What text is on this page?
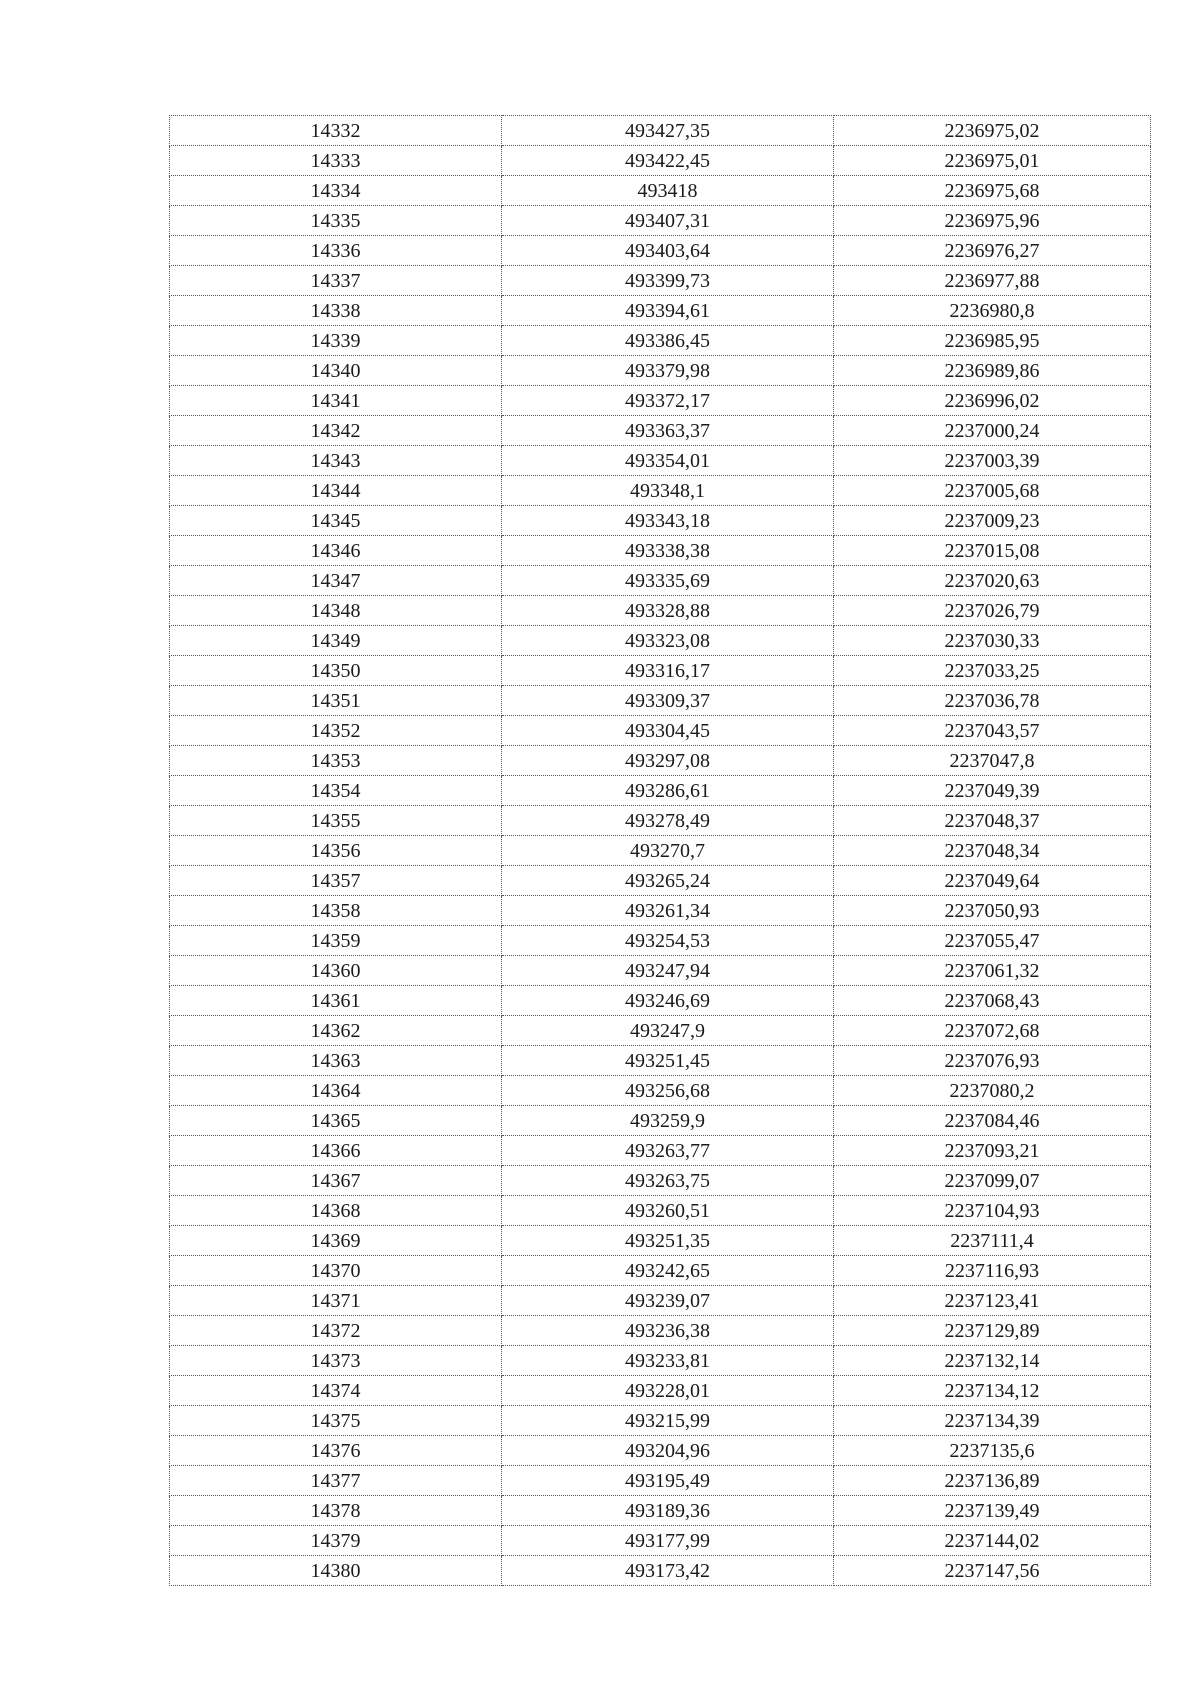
14332	493427,35	2236975,02
14333	493422,45	2236975,01
14334	493418	2236975,68
14335	493407,31	2236975,96
14336	493403,64	2236976,27
14337	493399,73	2236977,88
14338	493394,61	2236980,8
14339	493386,45	2236985,95
14340	493379,98	2236989,86
14341	493372,17	2236996,02
14342	493363,37	2237000,24
14343	493354,01	2237003,39
14344	493348,1	2237005,68
14345	493343,18	2237009,23
14346	493338,38	2237015,08
14347	493335,69	2237020,63
14348	493328,88	2237026,79
14349	493323,08	2237030,33
14350	493316,17	2237033,25
14351	493309,37	2237036,78
14352	493304,45	2237043,57
14353	493297,08	2237047,8
14354	493286,61	2237049,39
14355	493278,49	2237048,37
14356	493270,7	2237048,34
14357	493265,24	2237049,64
14358	493261,34	2237050,93
14359	493254,53	2237055,47
14360	493247,94	2237061,32
14361	493246,69	2237068,43
14362	493247,9	2237072,68
14363	493251,45	2237076,93
14364	493256,68	2237080,2
14365	493259,9	2237084,46
14366	493263,77	2237093,21
14367	493263,75	2237099,07
14368	493260,51	2237104,93
14369	493251,35	2237111,4
14370	493242,65	2237116,93
14371	493239,07	2237123,41
14372	493236,38	2237129,89
14373	493233,81	2237132,14
14374	493228,01	2237134,12
14375	493215,99	2237134,39
14376	493204,96	2237135,6
14377	493195,49	2237136,89
14378	493189,36	2237139,49
14379	493177,99	2237144,02
14380	493173,42	2237147,56
